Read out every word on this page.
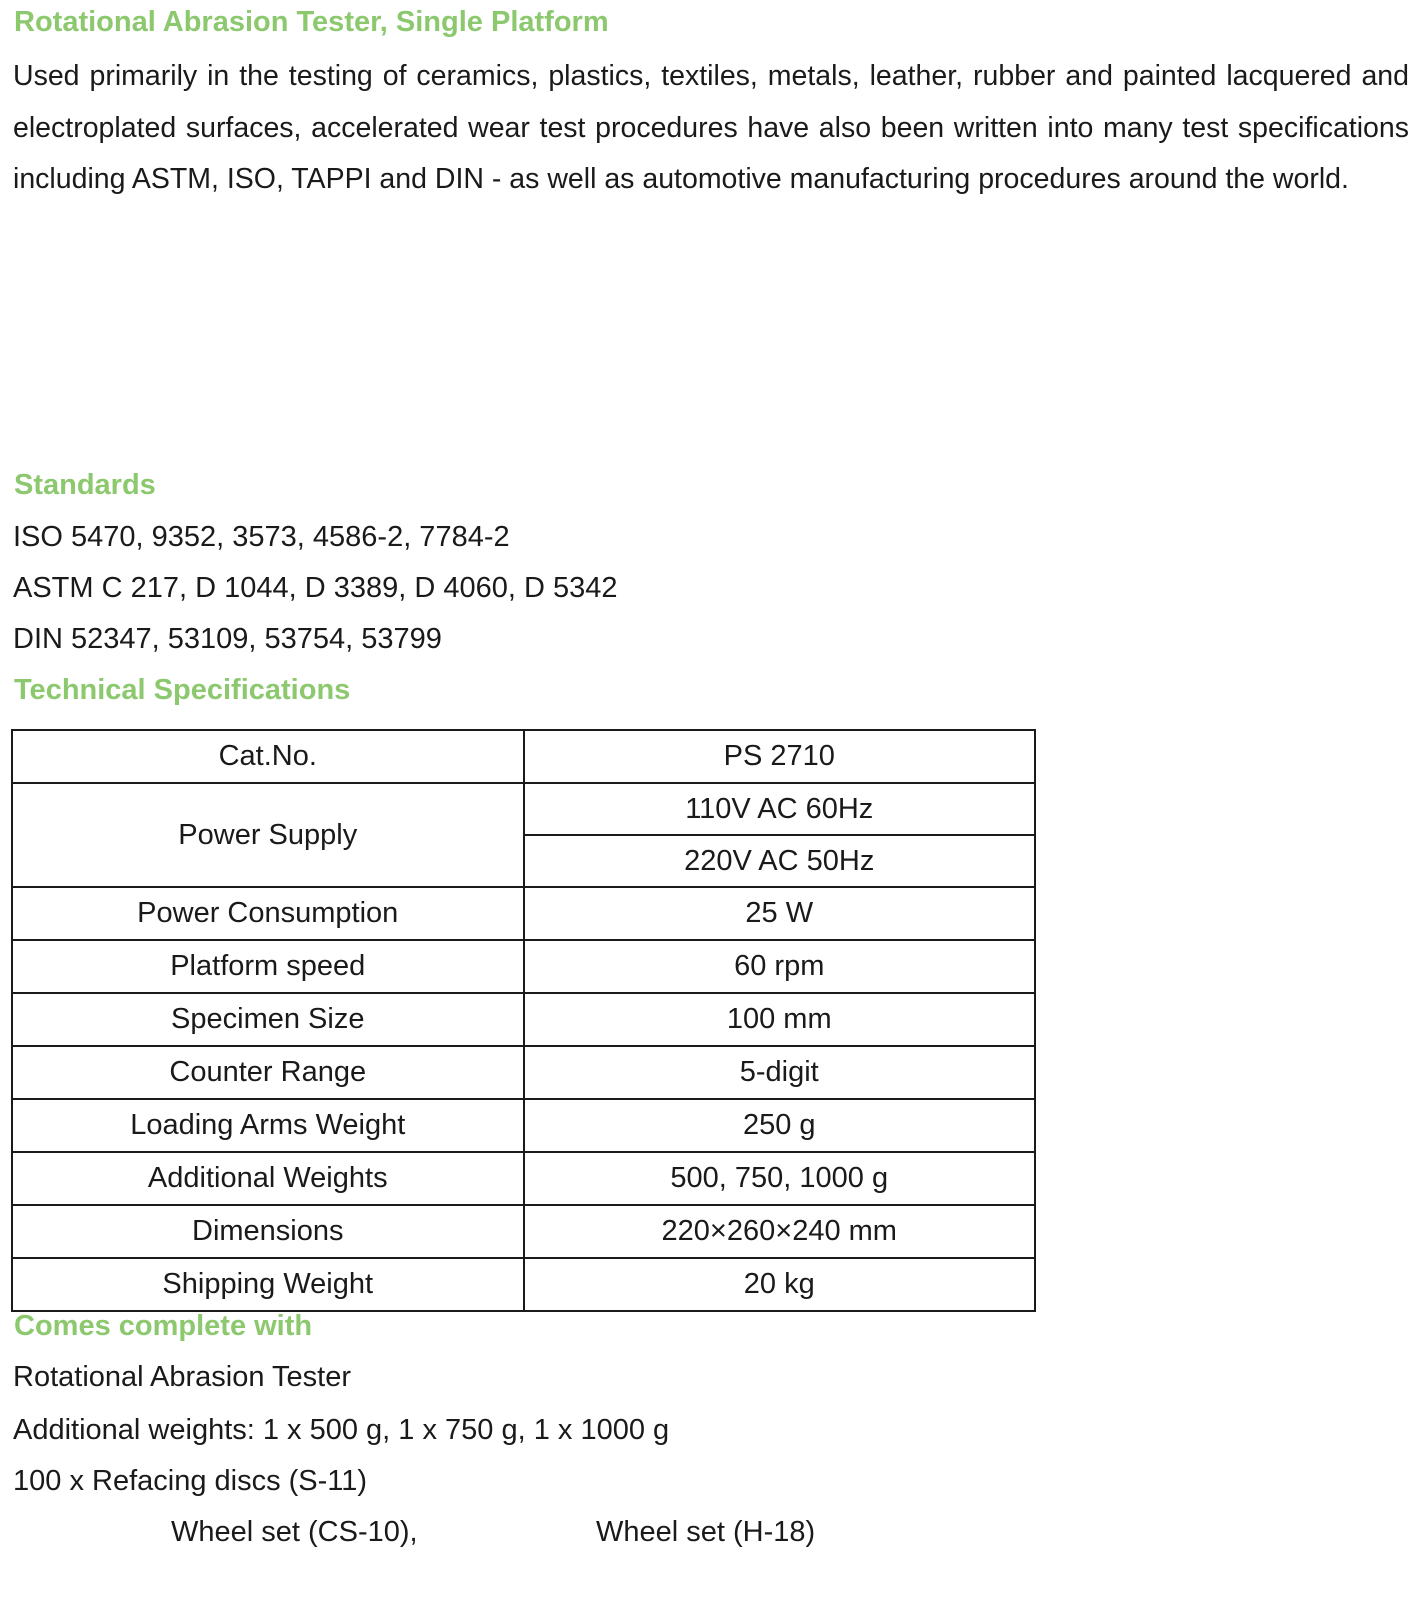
Rotational Abrasion Tester, Single Platform

Used primarily in the testing of ceramics, plastics, textiles, metals, leather, rubber and painted lacquered and electroplated surfaces, accelerated wear test procedures have also been written into many test specifications including ASTM, ISO, TAPPI and DIN - as well as automotive manufacturing procedures around the world.

Standards

ISO 5470, 9352, 3573, 4586-2, 7784-2

ASTM C 217, D 1044, D 3389, D 4060, D 5342

DIN 52347, 53109, 53754, 53799

Technical Specifications
Cat.No.	PS 2710
Power Supply	110V AC 60Hz
	220V AC 50Hz
Power Consumption	25 W
Platform speed	60 rpm
Specimen Size	100 mm
Counter Range	5-digit
Loading Arms Weight	250 g
Additional Weights	500, 750, 1000 g
Dimensions	220×260×240 mm
Shipping Weight	20 kg
Comes complete with

Rotational Abrasion Tester

Additional weights: 1 x 500 g, 1 x 750 g, 1 x 1000 g

100 x Refacing discs (S-11)

Wheel set (CS-10),	Wheel set (H-18)
